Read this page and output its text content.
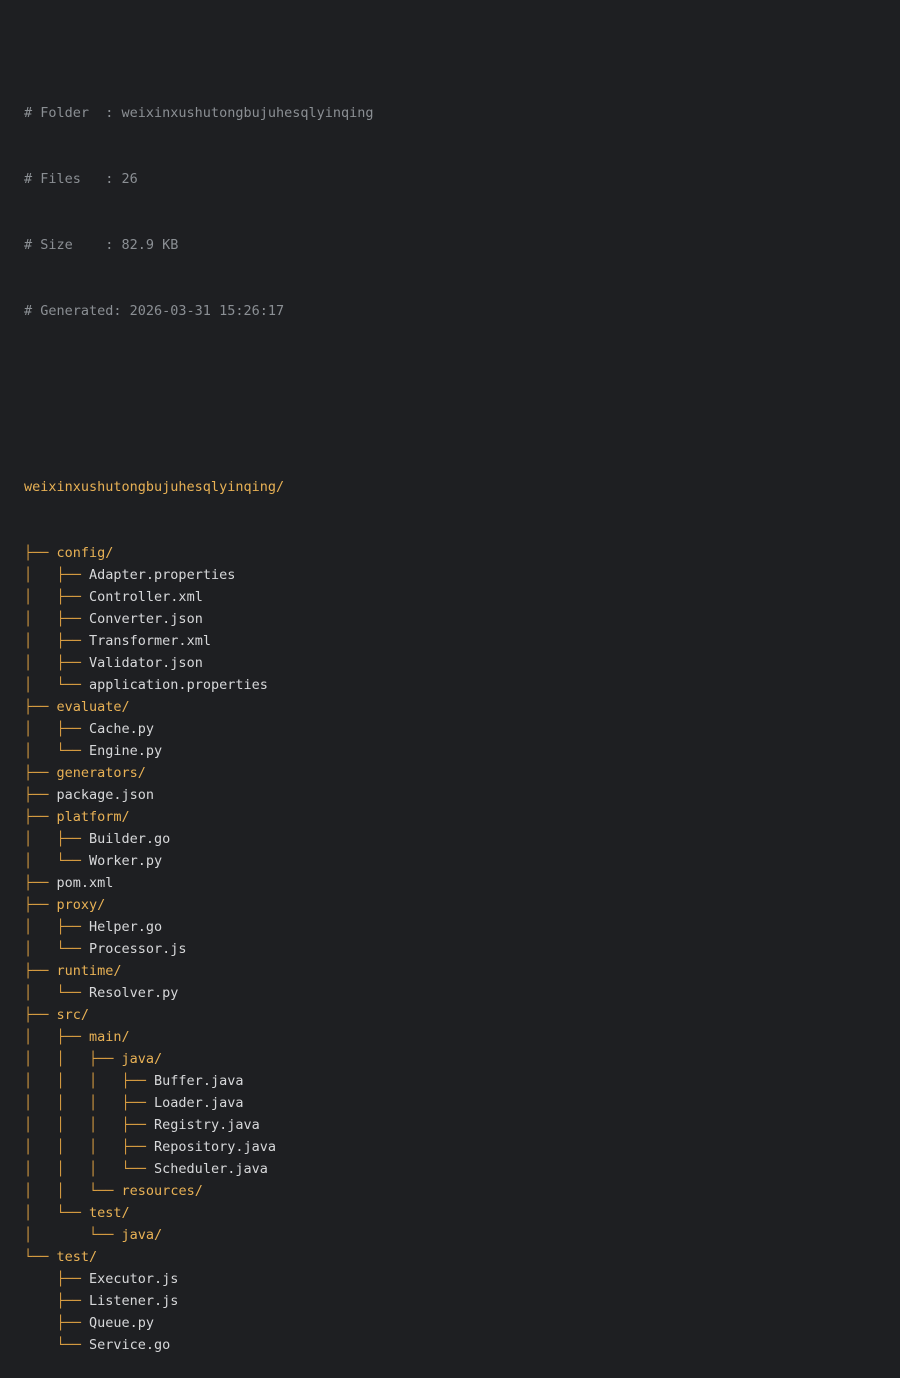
# Folder  : weixinxushutongbujuhesqlyinqing

# Files   : 26

# Size    : 82.9 KB

# Generated: 2026-03-31 15:26:17

weixinxushutongbujuhesqlyinqing/

├── config/
│   ├── Adapter.properties
│   ├── Controller.xml
│   ├── Converter.json
│   ├── Transformer.xml
│   ├── Validator.json
│   └── application.properties
├── evaluate/
│   ├── Cache.py
│   └── Engine.py
├── generators/
├── package.json
├── platform/
│   ├── Builder.go
│   └── Worker.py
├── pom.xml
├── proxy/
│   ├── Helper.go
│   └── Processor.js
├── runtime/
│   └── Resolver.py
├── src/
│   ├── main/
│   │   ├── java/
│   │   │   ├── Buffer.java
│   │   │   ├── Loader.java
│   │   │   ├── Registry.java
│   │   │   ├── Repository.java
│   │   │   └── Scheduler.java
│   │   └── resources/
│   └── test/
│       └── java/
└── test/
├── Executor.js
├── Listener.js
├── Queue.py
└── Service.go
